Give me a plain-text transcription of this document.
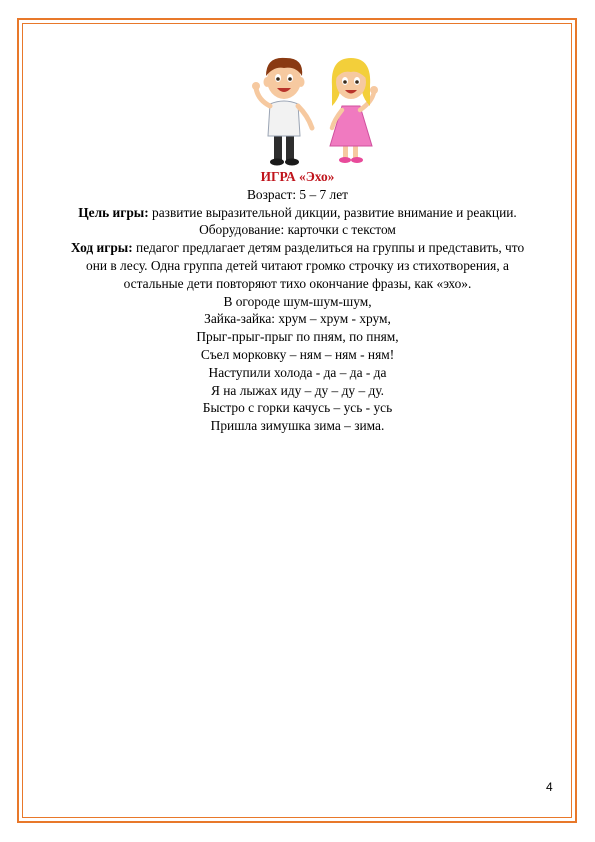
ИГРА «Эхо»

Возраст: 5 – 7 лет

Цель игры: развитие выразительной дикции, развитие внимание и реакции.

Оборудование: карточки с текстом

Ход игры: педагог предлагает детям разделиться на группы и представить, что они в лесу. Одна группа детей читают громко строчку из стихотворения, а остальные дети повторяют тихо окончание фразы, как «эхо».

В огороде шум-шум-шум,

Зайка-зайка: хрум – хрум - хрум,

Прыг-прыг-прыг по пням, по пням,

Съел морковку – ням – ням - ням!

Наступили холода - да – да - да

Я на лыжах иду – ду – ду – ду.

Быстро с горки качусь – усь - усь

Пришла зимушка зима – зима.

4
